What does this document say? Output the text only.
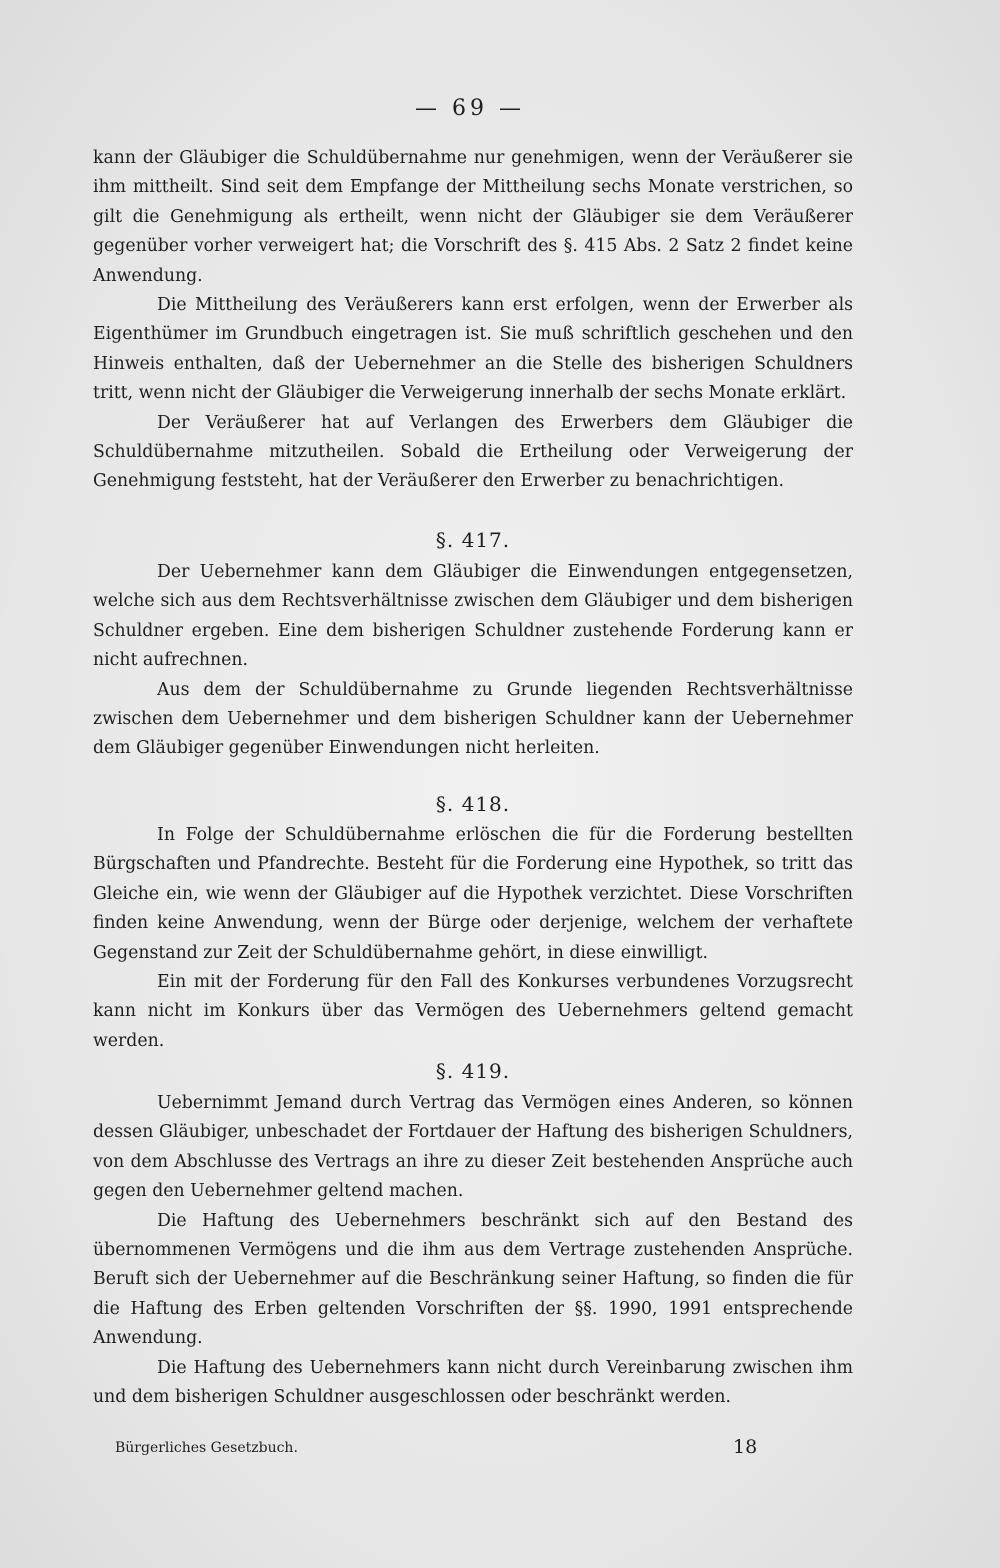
— 69 —

kann der Gläubiger die Schuldübernahme nur genehmigen, wenn der Veräußerer sie ihm mittheilt. Sind seit dem Empfange der Mittheilung sechs Monate verstrichen, so gilt die Genehmigung als ertheilt, wenn nicht der Gläubiger sie dem Veräußerer gegenüber vorher verweigert hat; die Vorschrift des §. 415 Abs. 2 Satz 2 findet keine Anwendung.

Die Mittheilung des Veräußerers kann erst erfolgen, wenn der Erwerber als Eigenthümer im Grundbuch eingetragen ist. Sie muß schriftlich geschehen und den Hinweis enthalten, daß der Uebernehmer an die Stelle des bisherigen Schuldners tritt, wenn nicht der Gläubiger die Verweigerung innerhalb der sechs Monate erklärt.

Der Veräußerer hat auf Verlangen des Erwerbers dem Gläubiger die Schuldübernahme mitzutheilen. Sobald die Ertheilung oder Verweigerung der Genehmigung feststeht, hat der Veräußerer den Erwerber zu benachrichtigen.

§. 417.

Der Uebernehmer kann dem Gläubiger die Einwendungen entgegensetzen, welche sich aus dem Rechtsverhältnisse zwischen dem Gläubiger und dem bisherigen Schuldner ergeben. Eine dem bisherigen Schuldner zustehende Forderung kann er nicht aufrechnen.

Aus dem der Schuldübernahme zu Grunde liegenden Rechtsverhältnisse zwischen dem Uebernehmer und dem bisherigen Schuldner kann der Uebernehmer dem Gläubiger gegenüber Einwendungen nicht herleiten.

§. 418.

In Folge der Schuldübernahme erlöschen die für die Forderung bestellten Bürgschaften und Pfandrechte. Besteht für die Forderung eine Hypothek, so tritt das Gleiche ein, wie wenn der Gläubiger auf die Hypothek verzichtet. Diese Vorschriften finden keine Anwendung, wenn der Bürge oder derjenige, welchem der verhaftete Gegenstand zur Zeit der Schuldübernahme gehört, in diese einwilligt.

Ein mit der Forderung für den Fall des Konkurses verbundenes Vorzugsrecht kann nicht im Konkurs über das Vermögen des Uebernehmers geltend gemacht werden.

§. 419.

Uebernimmt Jemand durch Vertrag das Vermögen eines Anderen, so können dessen Gläubiger, unbeschadet der Fortdauer der Haftung des bisherigen Schuldners, von dem Abschlusse des Vertrags an ihre zu dieser Zeit bestehenden Ansprüche auch gegen den Uebernehmer geltend machen.

Die Haftung des Uebernehmers beschränkt sich auf den Bestand des übernommenen Vermögens und die ihm aus dem Vertrage zustehenden Ansprüche. Beruft sich der Uebernehmer auf die Beschränkung seiner Haftung, so finden die für die Haftung des Erben geltenden Vorschriften der §§. 1990, 1991 entsprechende Anwendung.

Die Haftung des Uebernehmers kann nicht durch Vereinbarung zwischen ihm und dem bisherigen Schuldner ausgeschlossen oder beschränkt werden.

Bürgerliches Gesetzbuch.	18
